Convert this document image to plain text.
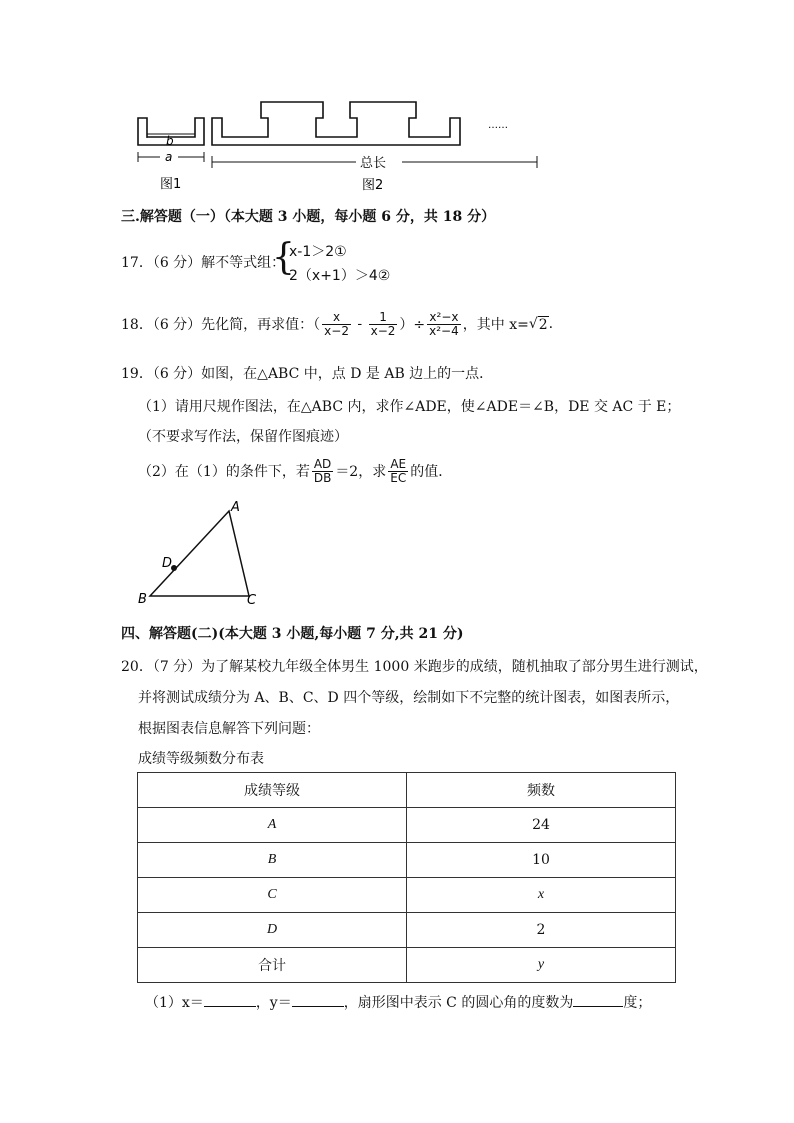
b
a
……
总长
图1	图2
三.解答题（一）（本大题 3 小题，每小题 6 分，共 18 分）
17．（6 分）解不等式组：
{
x-1＞2①
2（x+1）＞4②
18．（6 分）先化简，再求值：（ $\frac{x}{x-2} - \frac{1}{x-2}$ ）÷ $\frac{\text{x²−x}}{\text{x²−4}}$ ，其中 x= √ 2 .
19．（6 分）如图，在△ABC 中，点 D 是 AB 边上的一点．
（1）请用尺规作图法，在△ABC 内，求作∠ADE，使∠ADE＝∠B，DE 交 AC 于 E；
（不要求写作法，保留作图痕迹）
（2）在（1）的条件下，若 $\frac{AD}{DB} =2$，求 $\frac{AE}{EC}$ 的值．
A
B	C
D
四、解答题(二)(本大题 3 小题,每小题 7 分,共 21 分)
20．（7 分）为了解某校九年级全体男生 1000 米跑步的成绩，随机抽取了部分男生进行测试，
并将测试成绩分为 A、B、C、D 四个等级，绘制如下不完整的统计图表，如图表所示，
根据图表信息解答下列问题：
成绩等级频数分布表
成绩等级	频数
A	24
B	10
C	x
D	2
合计	y
（1）x＝	，y＝	，扇形图中表示 C 的圆心角的度数为	度；
